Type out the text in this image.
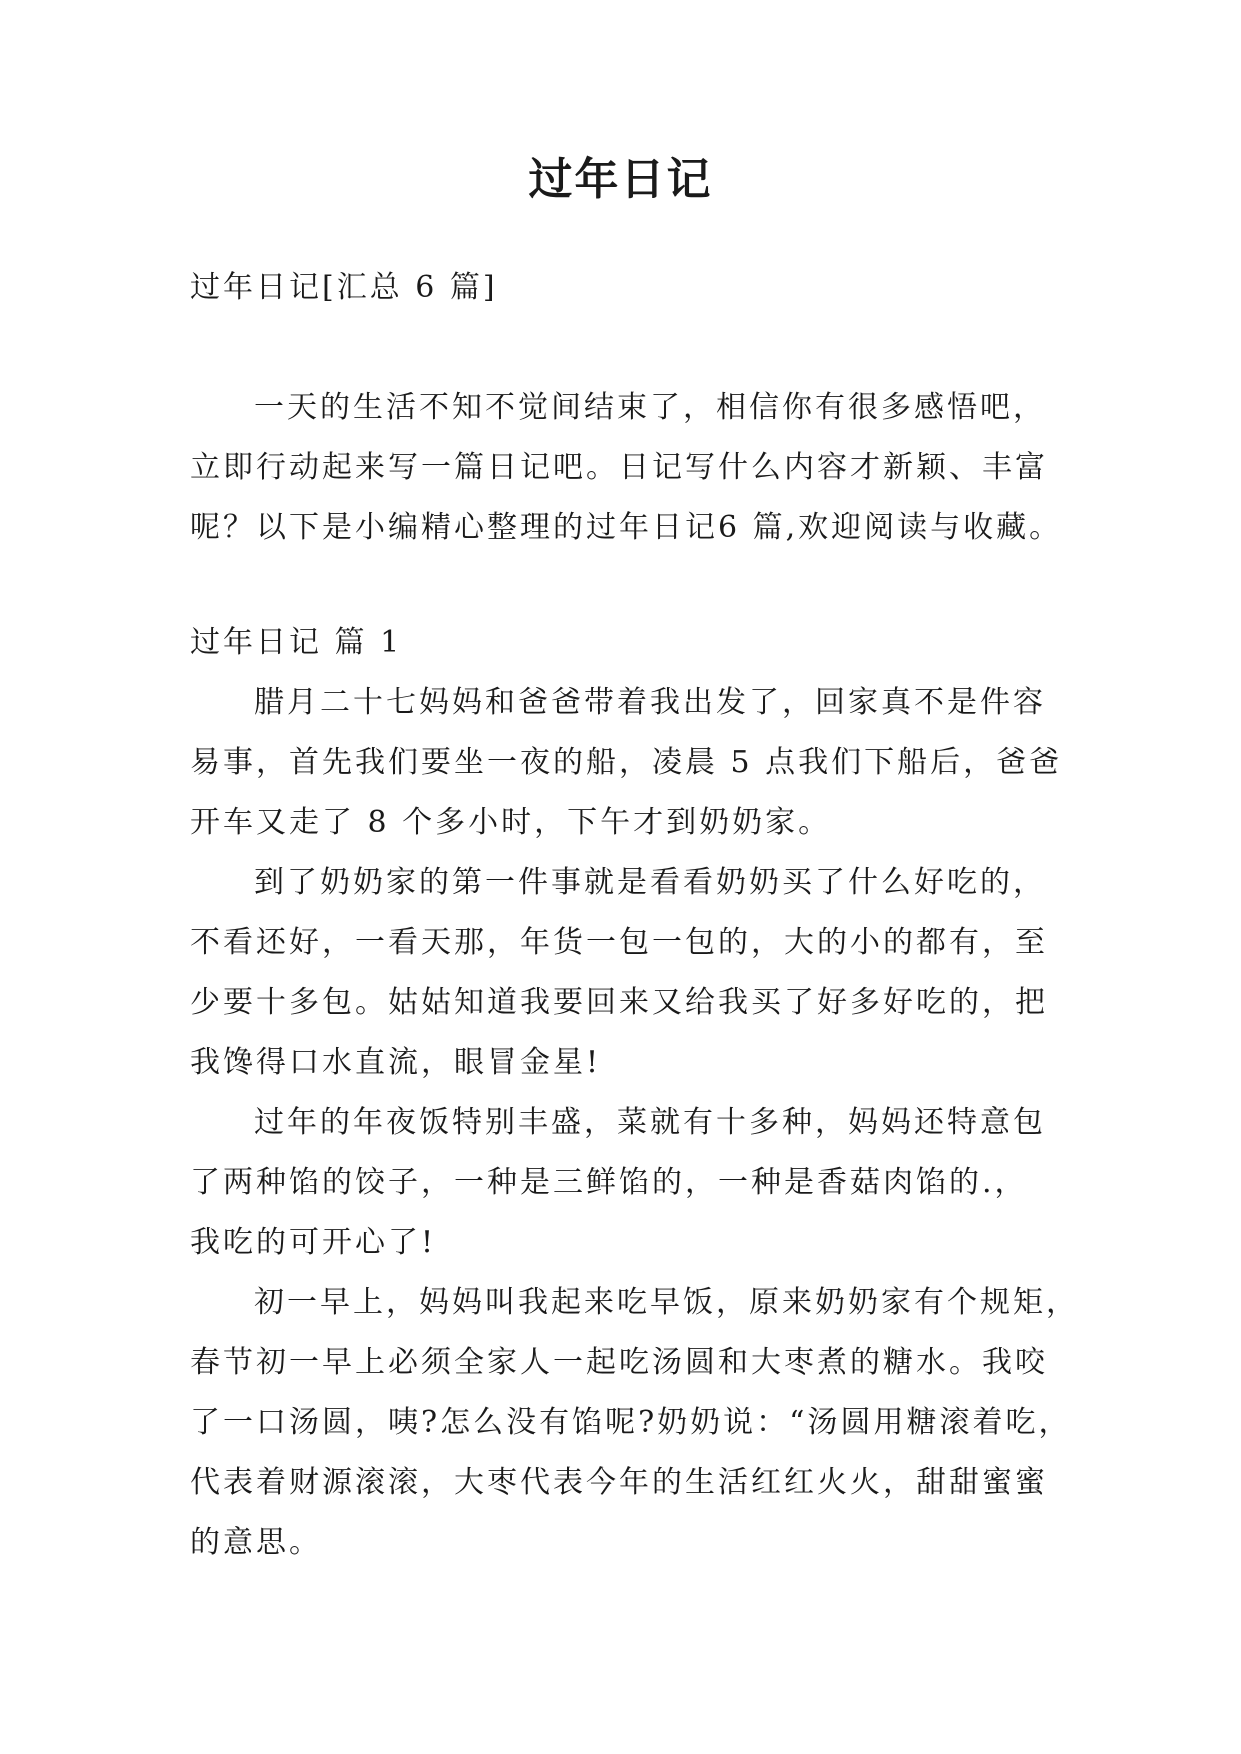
过年日记
过年日记[汇总 6 篇]
一天的生活不知不觉间结束了，相信你有很多感悟吧，
立即行动起来写一篇日记吧。日记写什么内容才新颖、丰富
呢？以下是小编精心整理的过年日记6 篇,欢迎阅读与收藏。
过年日记 篇 1
腊月二十七妈妈和爸爸带着我出发了，回家真不是件容
易事，首先我们要坐一夜的船，凌晨 5 点我们下船后，爸爸
开车又走了 8 个多小时，下午才到奶奶家。
到了奶奶家的第一件事就是看看奶奶买了什么好吃的，
不看还好，一看天那，年货一包一包的，大的小的都有，至
少要十多包。姑姑知道我要回来又给我买了好多好吃的，把
我馋得口水直流，眼冒金星!
过年的年夜饭特别丰盛，菜就有十多种，妈妈还特意包
了两种馅的饺子，一种是三鲜馅的，一种是香菇肉馅的.，
我吃的可开心了!
初一早上，妈妈叫我起来吃早饭，原来奶奶家有个规矩，
春节初一早上必须全家人一起吃汤圆和大枣煮的糖水。我咬
了一口汤圆，咦?怎么没有馅呢?奶奶说：“汤圆用糖滚着吃，
代表着财源滚滚，大枣代表今年的生活红红火火，甜甜蜜蜜
的意思。
